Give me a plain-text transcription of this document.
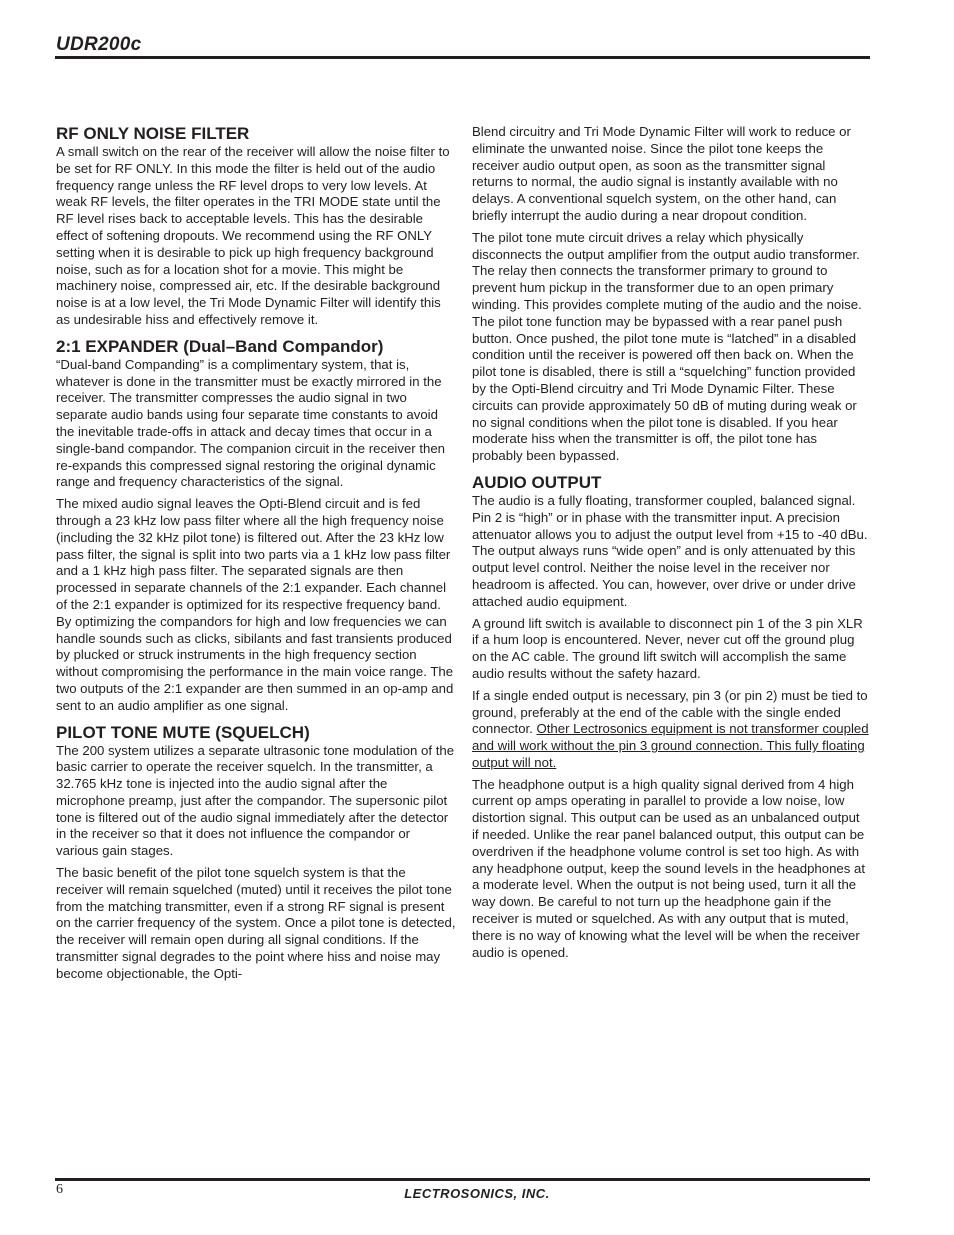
UDR200c
RF ONLY NOISE FILTER

A small switch on the rear of the receiver will allow the noise filter to be set for RF ONLY. In this mode the filter is held out of the audio frequency range unless the RF level drops to very low levels. At weak RF levels, the filter operates in the TRI MODE state until the RF level rises back to acceptable levels. This has the desirable effect of softening dropouts. We recommend using the RF ONLY setting when it is desirable to pick up high frequency background noise, such as for a location shot for a movie. This might be machinery noise, compressed air, etc. If the desirable background noise is at a low level, the Tri Mode Dynamic Filter will identify this as undesirable hiss and effectively remove it.

2:1 EXPANDER (Dual–Band Compandor)

“Dual-band Companding” is a complimentary system, that is, whatever is done in the transmitter must be exactly mirrored in the receiver. The transmitter compresses the audio signal in two separate audio bands using four separate time constants to avoid the inevitable trade-offs in attack and decay times that occur in a single-band compandor. The companion circuit in the receiver then re-expands this compressed signal restoring the original dynamic range and frequency characteristics of the signal.

The mixed audio signal leaves the Opti-Blend circuit and is fed through a 23 kHz low pass filter where all the high frequency noise (including the 32 kHz pilot tone) is filtered out. After the 23 kHz low pass filter, the signal is split into two parts via a 1 kHz low pass filter and a 1 kHz high pass filter. The separated signals are then processed in separate channels of the 2:1 expander. Each channel of the 2:1 expander is optimized for its respective frequency band. By optimizing the compandors for high and low frequencies we can handle sounds such as clicks, sibilants and fast transients produced by plucked or struck instruments in the high frequency section without compromising the performance in the main voice range. The two outputs of the 2:1 expander are then summed in an op-amp and sent to an audio amplifier as one signal.

PILOT TONE MUTE (SQUELCH)

The 200 system utilizes a separate ultrasonic tone modulation of the basic carrier to operate the receiver squelch. In the transmitter, a 32.765 kHz tone is injected into the audio signal after the microphone preamp, just after the compandor. The supersonic pilot tone is filtered out of the audio signal immediately after the detector in the receiver so that it does not influence the compandor or various gain stages.

The basic benefit of the pilot tone squelch system is that the receiver will remain squelched (muted) until it receives the pilot tone from the matching transmitter, even if a strong RF signal is present on the carrier frequency of the system. Once a pilot tone is detected, the receiver will remain open during all signal conditions. If the transmitter signal degrades to the point where hiss and noise may become objectionable, the Opti-

Blend circuitry and Tri Mode Dynamic Filter will work to reduce or eliminate the unwanted noise. Since the pilot tone keeps the receiver audio output open, as soon as the transmitter signal returns to normal, the audio signal is instantly available with no delays. A conventional squelch system, on the other hand, can briefly interrupt the audio during a near dropout condition.

The pilot tone mute circuit drives a relay which physically disconnects the output amplifier from the output audio transformer. The relay then connects the transformer primary to ground to prevent hum pickup in the transformer due to an open primary winding. This provides complete muting of the audio and the noise. The pilot tone function may be bypassed with a rear panel push button. Once pushed, the pilot tone mute is “latched” in a disabled condition until the receiver is powered off then back on. When the pilot tone is disabled, there is still a “squelching” function provided by the Opti-Blend circuitry and Tri Mode Dynamic Filter. These circuits can provide approximately 50 dB of muting during weak or no signal conditions when the pilot tone is disabled. If you hear moderate hiss when the transmitter is off, the pilot tone has probably been bypassed.

AUDIO OUTPUT

The audio is a fully floating, transformer coupled, balanced signal. Pin 2 is “high” or in phase with the transmitter input. A precision attenuator allows you to adjust the output level from +15 to -40 dBu. The output always runs “wide open” and is only attenuated by this output level control. Neither the noise level in the receiver nor headroom is affected. You can, however, over drive or under drive attached audio equipment.

A ground lift switch is available to disconnect pin 1 of the 3 pin XLR if a hum loop is encountered. Never, never cut off the ground plug on the AC cable. The ground lift switch will accomplish the same audio results without the safety hazard.

If a single ended output is necessary, pin 3 (or pin 2) must be tied to ground, preferably at the end of the cable with the single ended connector. Other Lectrosonics equipment is not transformer coupled and will work without the pin 3 ground connection. This fully floating output will not.

The headphone output is a high quality signal derived from 4 high current op amps operating in parallel to provide a low noise, low distortion signal. This output can be used as an unbalanced output if needed. Unlike the rear panel balanced output, this output can be overdriven if the headphone volume control is set too high. As with any headphone output, keep the sound levels in the headphones at a moderate level. When the output is not being used, turn it all the way down. Be careful to not turn up the headphone gain if the receiver is muted or squelched. As with any output that is muted, there is no way of knowing what the level will be when the receiver audio is opened.

6	LECTROSONICS, INC.
